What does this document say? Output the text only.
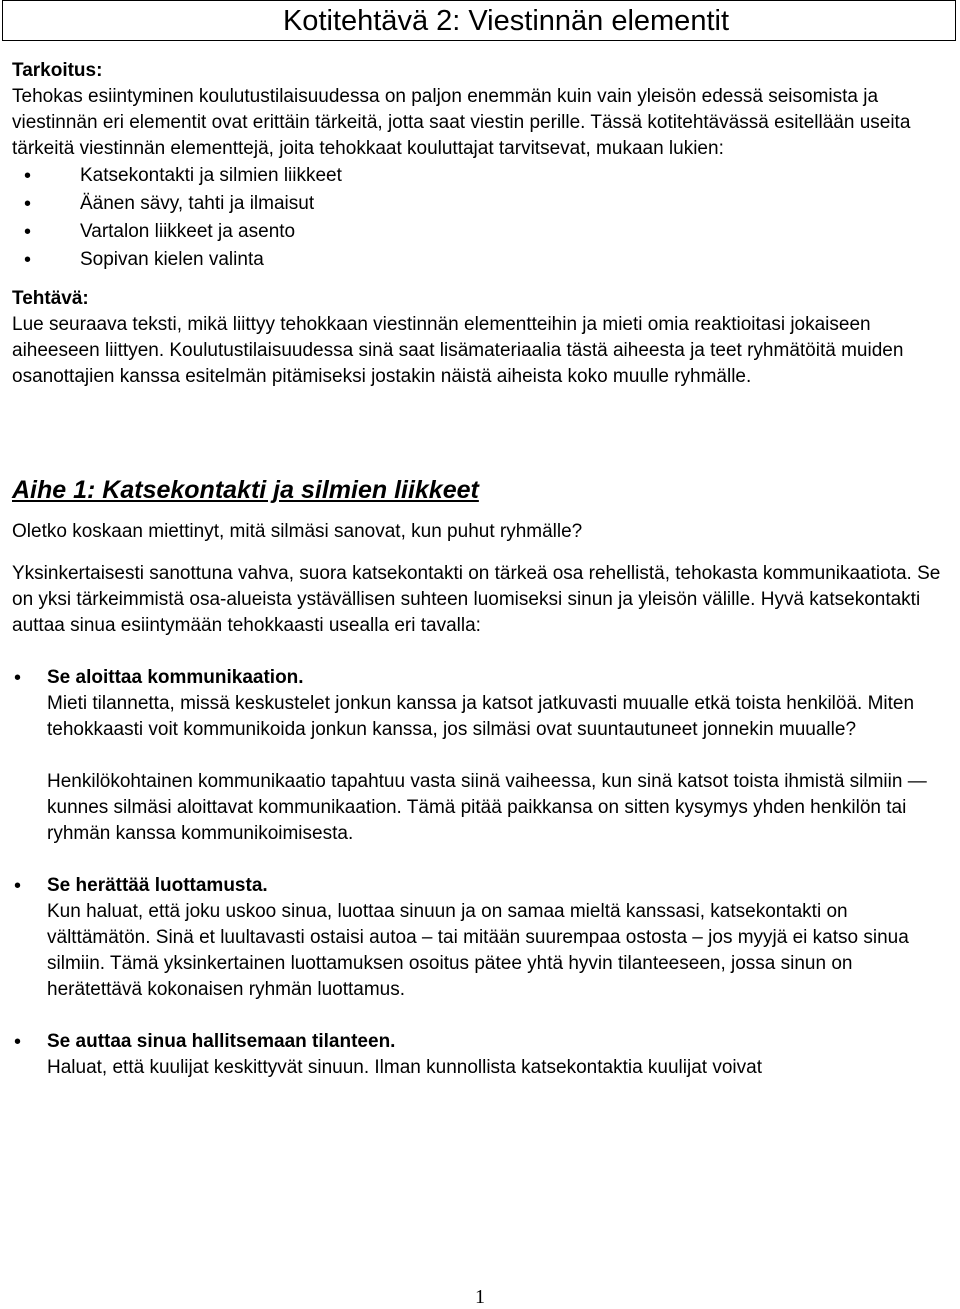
Kotitehtävä 2: Viestinnän elementit

Tarkoitus:

Tehokas esiintyminen koulutustilaisuudessa on paljon enemmän kuin vain yleisön edessä seisomista ja viestinnän eri elementit ovat erittäin tärkeitä, jotta saat viestin perille. Tässä kotitehtävässä esitellään useita tärkeitä viestinnän elementtejä, joita tehokkaat kouluttajat tarvitsevat, mukaan lukien:

• Katsekontakti ja silmien liikkeet
• Äänen sävy, tahti ja ilmaisut
• Vartalon liikkeet ja asento
• Sopivan kielen valinta

Tehtävä:

Lue seuraava teksti, mikä liittyy tehokkaan viestinnän elementteihin ja mieti omia reaktioitasi jokaiseen aiheeseen liittyen. Koulutustilaisuudessa sinä saat lisämateriaalia tästä aiheesta ja teet ryhmätöitä muiden osanottajien kanssa esitelmän pitämiseksi jostakin näistä aiheista koko muulle ryhmälle.

Aihe 1: Katsekontakti ja silmien liikkeet

Oletko koskaan miettinyt, mitä silmäsi sanovat, kun puhut ryhmälle?

Yksinkertaisesti sanottuna vahva, suora katsekontakti on tärkeä osa rehellistä, tehokasta kommunikaatiota. Se on yksi tärkeimmistä osa-alueista ystävällisen suhteen luomiseksi sinun ja yleisön välille. Hyvä katsekontakti auttaa sinua esiintymään tehokkaasti usealla eri tavalla:

• Se aloittaa kommunikaation.

Mieti tilannetta, missä keskustelet jonkun kanssa ja katsot jatkuvasti muualle etkä toista henkilöä. Miten tehokkaasti voit kommunikoida jonkun kanssa, jos silmäsi ovat suuntautuneet jonnekin muualle?

Henkilökohtainen kommunikaatio tapahtuu vasta siinä vaiheessa, kun sinä katsot toista ihmistä silmiin — kunnes silmäsi aloittavat kommunikaation. Tämä pitää paikkansa on sitten kysymys yhden henkilön tai ryhmän kanssa kommunikoimisesta.

• Se herättää luottamusta.

Kun haluat, että joku uskoo sinua, luottaa sinuun ja on samaa mieltä kanssasi, katsekontakti on välttämätön. Sinä et luultavasti ostaisi autoa – tai mitään suurempaa ostosta – jos myyjä ei katso sinua silmiin. Tämä yksinkertainen luottamuksen osoitus pätee yhtä hyvin tilanteeseen, jossa sinun on herätettävä kokonaisen ryhmän luottamus.

• Se auttaa sinua hallitsemaan tilanteen.

Haluat, että kuulijat keskittyvät sinuun. Ilman kunnollista katsekontaktia kuulijat voivat

1
